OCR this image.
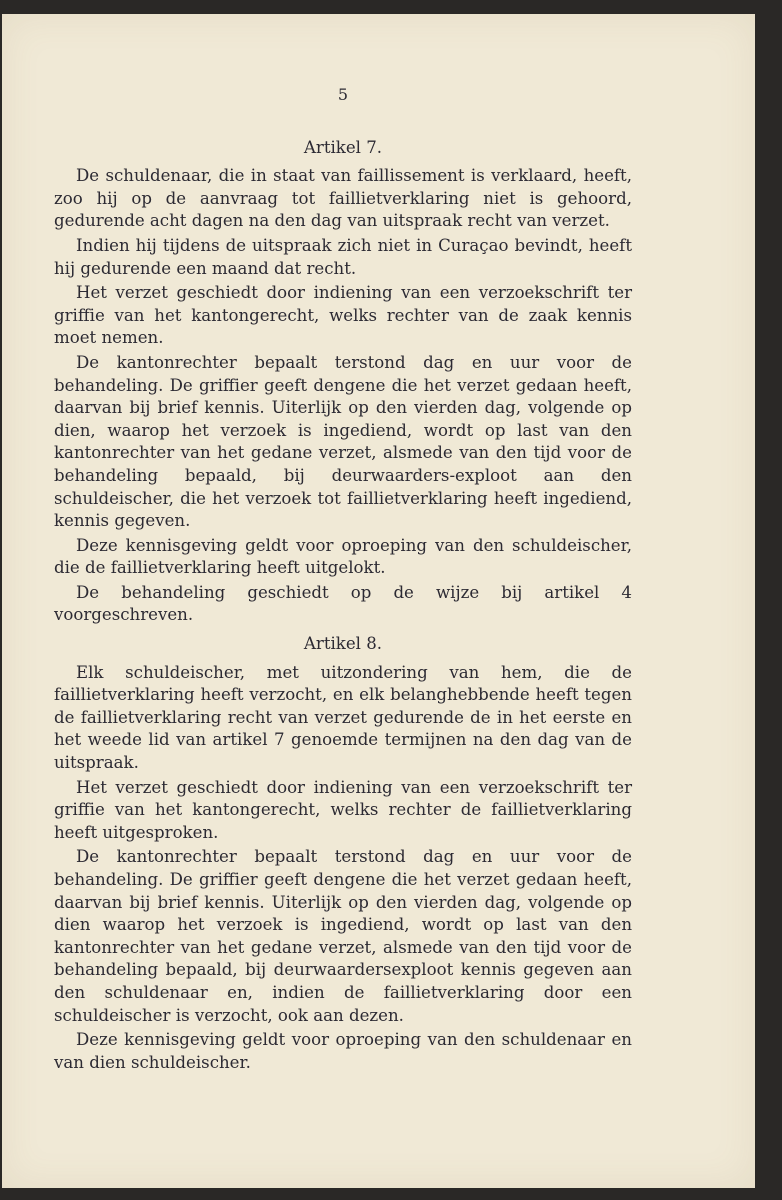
5
Artikel 7.

De schuldenaar, die in staat van faillissement is verklaard, heeft, zoo hij op de aanvraag tot faillietverklaring niet is gehoord, gedurende acht dagen na den dag van uitspraak recht van verzet.

Indien hij tijdens de uitspraak zich niet in Curaçao bevindt, heeft hij gedurende een maand dat recht.

Het verzet geschiedt door indiening van een verzoekschrift ter griffie van het kantongerecht, welks rechter van de zaak kennis moet nemen.

De kantonrechter bepaalt terstond dag en uur voor de behandeling. De griffier geeft dengene die het verzet gedaan heeft, daarvan bij brief kennis. Uiterlijk op den vierden dag, volgende op dien, waarop het verzoek is ingediend, wordt op last van den kantonrechter van het gedane verzet, alsmede van den tijd voor de behandeling bepaald, bij deurwaarders-exploot aan den schuldeischer, die het verzoek tot faillietverklaring heeft ingediend, kennis gegeven.

Deze kennisgeving geldt voor oproeping van den schuldeischer, die de faillietverklaring heeft uitgelokt.

De behandeling geschiedt op de wijze bij artikel 4 voorgeschreven.

Artikel 8.

Elk schuldeischer, met uitzondering van hem, die de faillietverklaring heeft verzocht, en elk belanghebbende heeft tegen de faillietverklaring recht van verzet gedurende de in het eerste en het weede lid van artikel 7 genoemde termijnen na den dag van de uitspraak.

Het verzet geschiedt door indiening van een verzoekschrift ter griffie van het kantongerecht, welks rechter de faillietverklaring heeft uitgesproken.

De kantonrechter bepaalt terstond dag en uur voor de behandeling. De griffier geeft dengene die het verzet gedaan heeft, daarvan bij brief kennis. Uiterlijk op den vierden dag, volgende op dien waarop het verzoek is ingediend, wordt op last van den kantonrechter van het gedane verzet, alsmede van den tijd voor de behandeling bepaald, bij deurwaardersexploot kennis gegeven aan den schuldenaar en, indien de faillietverklaring door een schuldeischer is verzocht, ook aan dezen.

Deze kennisgeving geldt voor oproeping van den schuldenaar en van dien schuldeischer.
